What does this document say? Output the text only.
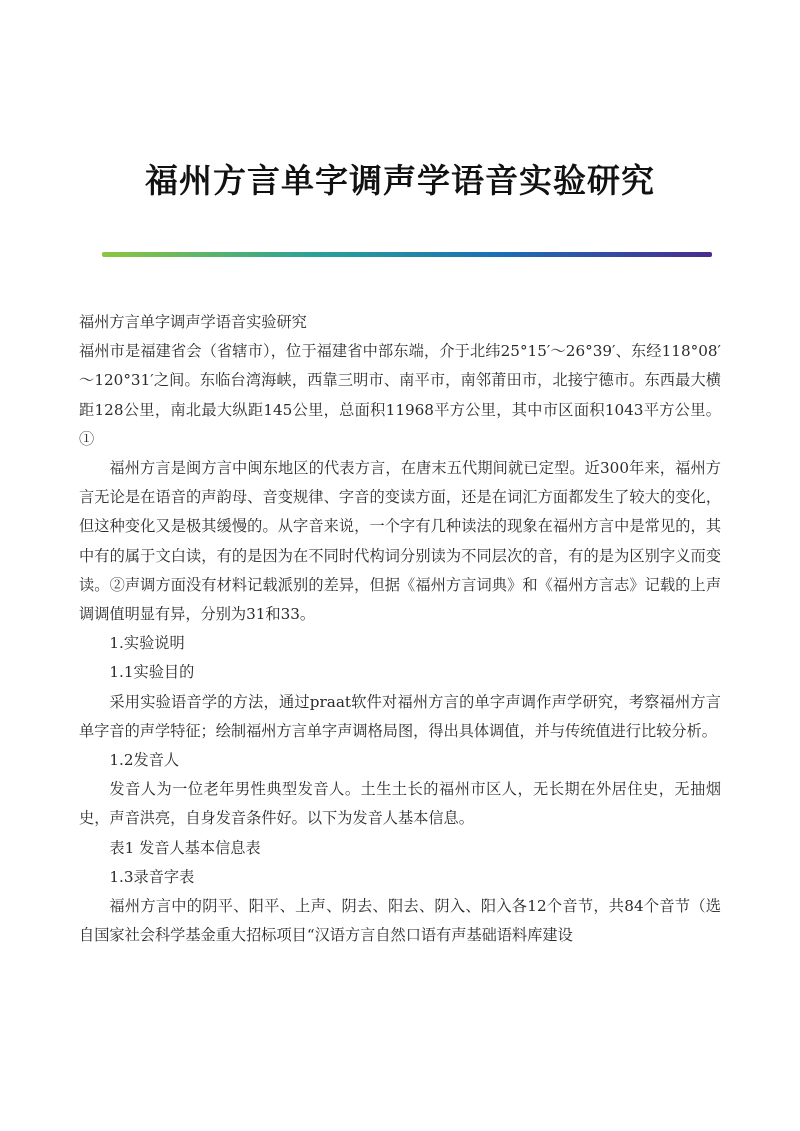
福州方言单字调声学语音实验研究

福州方言单字调声学语音实验研究

福州市是福建省会（省辖市），位于福建省中部东端，介于北纬25°15′～26°39′、东经118°08′～120°31′之间。东临台湾海峡，西靠三明市、南平市，南邻莆田市，北接宁德市。东西最大横距128公里，南北最大纵距145公里，总面积11968平方公里，其中市区面积1043平方公里。①

福州方言是闽方言中闽东地区的代表方言，在唐末五代期间就已定型。近300年来，福州方言无论是在语音的声韵母、音变规律、字音的变读方面，还是在词汇方面都发生了较大的变化，但这种变化又是极其缓慢的。从字音来说，一个字有几种读法的现象在福州方言中是常见的，其中有的属于文白读，有的是因为在不同时代构词分别读为不同层次的音，有的是为区别字义而变读。②声调方面没有材料记载派别的差异，但据《福州方言词典》和《福州方言志》记载的上声调调值明显有异，分别为31和33。

1.实验说明

1.1实验目的

采用实验语音学的方法，通过praat软件对福州方言的单字声调作声学研究，考察福州方言单字音的声学特征；绘制福州方言单字声调格局图，得出具体调值，并与传统值进行比较分析。

1.2发音人

发音人为一位老年男性典型发音人。土生土长的福州市区人，无长期在外居住史，无抽烟史，声音洪亮，自身发音条件好。以下为发音人基本信息。

表1 发音人基本信息表

1.3录音字表

福州方言中的阴平、阳平、上声、阴去、阳去、阴入、阳入各12个音节，共84个音节（选自国家社会科学基金重大招标项目“汉语方言自然口语有声基础语料库建设
